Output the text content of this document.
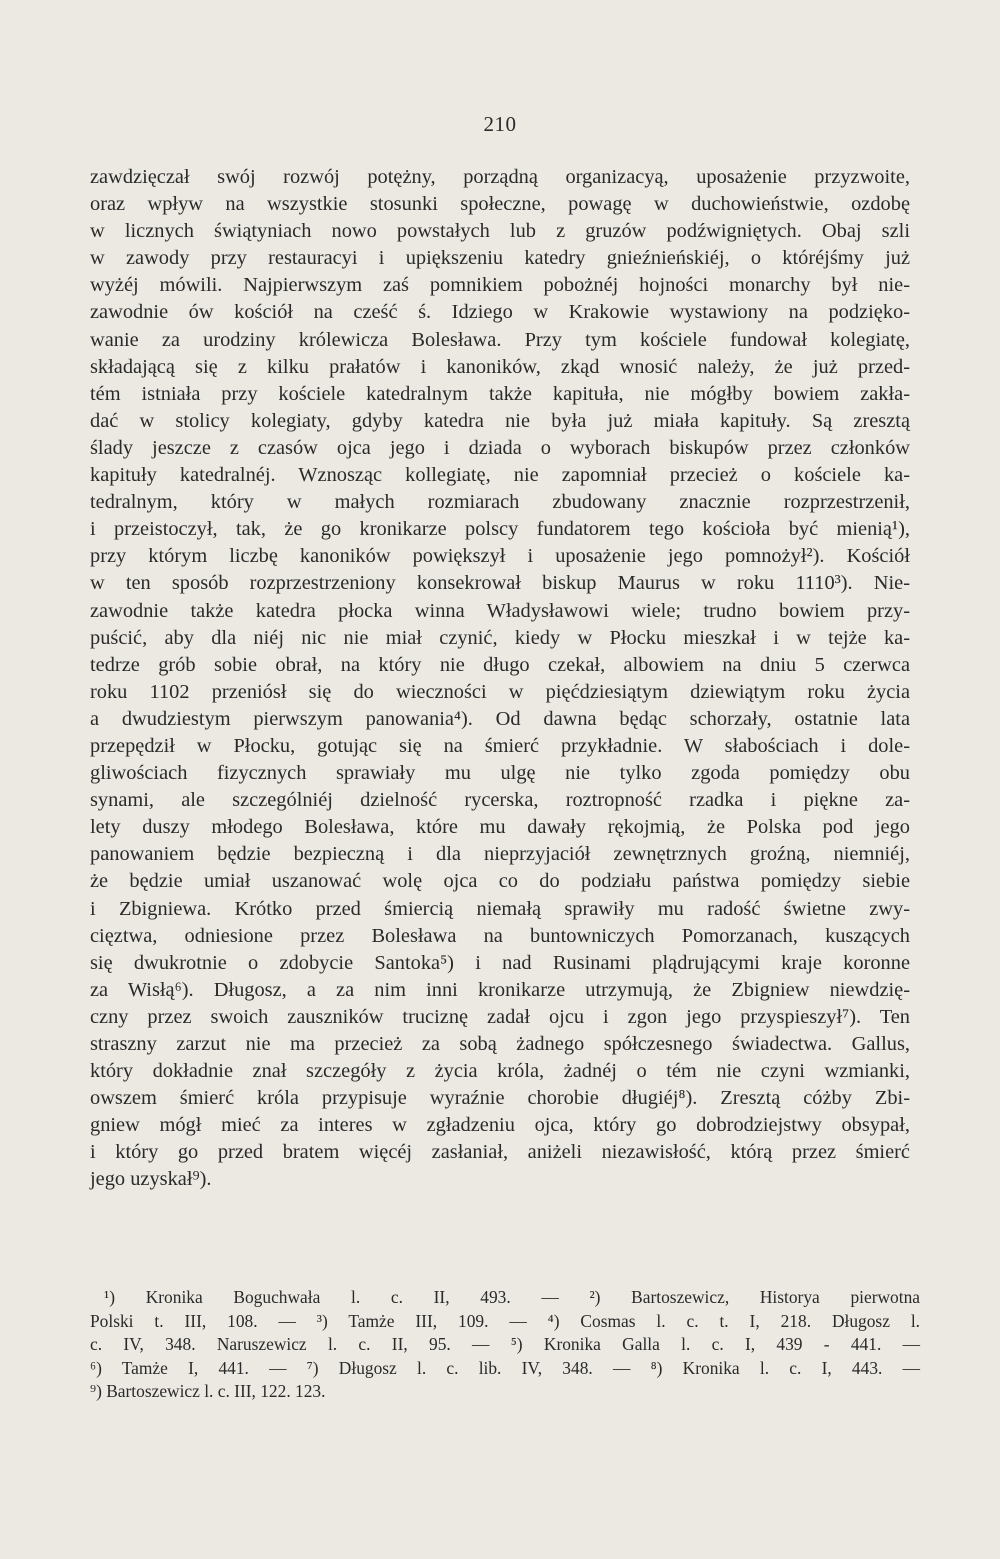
210
zawdzięczał swój rozwój potężny, porządną organizacyą, uposażenie przyzwoite,
oraz wpływ na wszystkie stosunki społeczne, powagę w duchowieństwie, ozdobę
w licznych świątyniach nowo powstałych lub z gruzów podźwigniętych. Obaj szli
w zawody przy restauracyi i upiększeniu katedry gnieźnieńskiéj, o któréjśmy już
wyżéj mówili. Najpierwszym zaś pomnikiem pobożnéj hojności monarchy był nie-
zawodnie ów kościół na cześć ś. Idziego w Krakowie wystawiony na podzięko-
wanie za urodziny królewicza Bolesława. Przy tym kościele fundował kolegiatę,
składającą się z kilku prałatów i kanoników, zkąd wnosić należy, że już przed-
tém istniała przy kościele katedralnym także kapituła, nie mógłby bowiem zakła-
dać w stolicy kolegiaty, gdyby katedra nie była już miała kapituły. Są zresztą
ślady jeszcze z czasów ojca jego i dziada o wyborach biskupów przez członków
kapituły katedralnéj. Wznosząc kollegiatę, nie zapomniał przecież o kościele ka-
tedralnym, który w małych rozmiarach zbudowany znacznie rozprzestrzenił,
i przeistoczył, tak, że go kronikarze polscy fundatorem tego kościoła być mienią¹),
przy którym liczbę kanoników powiększył i uposażenie jego pomnożył²). Kościół
w ten sposób rozprzestrzeniony konsekrował biskup Maurus w roku 1110³). Nie-
zawodnie także katedra płocka winna Władysławowi wiele; trudno bowiem przy-
puścić, aby dla niéj nic nie miał czynić, kiedy w Płocku mieszkał i w tejże ka-
tedrze grób sobie obrał, na który nie długo czekał, albowiem na dniu 5 czerwca
roku 1102 przeniósł się do wieczności w pięćdziesiątym dziewiątym roku życia
a dwudziestym pierwszym panowania⁴). Od dawna będąc schorzały, ostatnie lata
przepędził w Płocku, gotując się na śmierć przykładnie. W słabościach i dole-
gliwościach fizycznych sprawiały mu ulgę nie tylko zgoda pomiędzy obu
synami, ale szczególniéj dzielność rycerska, roztropność rzadka i piękne za-
lety duszy młodego Bolesława, które mu dawały rękojmią, że Polska pod jego
panowaniem będzie bezpieczną i dla nieprzyjaciół zewnętrznych groźną, niemniéj,
że będzie umiał uszanować wolę ojca co do podziału państwa pomiędzy siebie
i Zbigniewa. Krótko przed śmiercią niemałą sprawiły mu radość świetne zwy-
cięztwa, odniesione przez Bolesława na buntowniczych Pomorzanach, kuszących
się dwukrotnie o zdobycie Santoka⁵) i nad Rusinami plądrującymi kraje koronne
za Wisłą⁶). Długosz, a za nim inni kronikarze utrzymują, że Zbigniew niewdzię-
czny przez swoich zauszników truciznę zadał ojcu i zgon jego przyspieszył⁷). Ten
straszny zarzut nie ma przecież za sobą żadnego spółczesnego świadectwa. Gallus,
który dokładnie znał szczegóły z życia króla, żadnéj o tém nie czyni wzmianki,
owszem śmierć króla przypisuje wyraźnie chorobie długiéj⁸). Zresztą cóżby Zbi-
gniew mógł mieć za interes w zgładzeniu ojca, który go dobrodziejstwy obsypał,
i który go przed bratem więcéj zasłaniał, aniżeli niezawisłość, którą przez śmierć
jego uzyskał⁹).
¹) Kronika Boguchwała l. c. II, 493. — ²) Bartoszewicz, Historya pierwotna
Polski t. III, 108. — ³) Tamże III, 109. — ⁴) Cosmas l. c. t. I, 218. Długosz l.
c. IV, 348. Naruszewicz l. c. II, 95. — ⁵) Kronika Galla l. c. I, 439 - 441. —
⁶) Tamże I, 441. — ⁷) Długosz l. c. lib. IV, 348. — ⁸) Kronika l. c. I, 443. —
⁹) Bartoszewicz l. c. III, 122. 123.
